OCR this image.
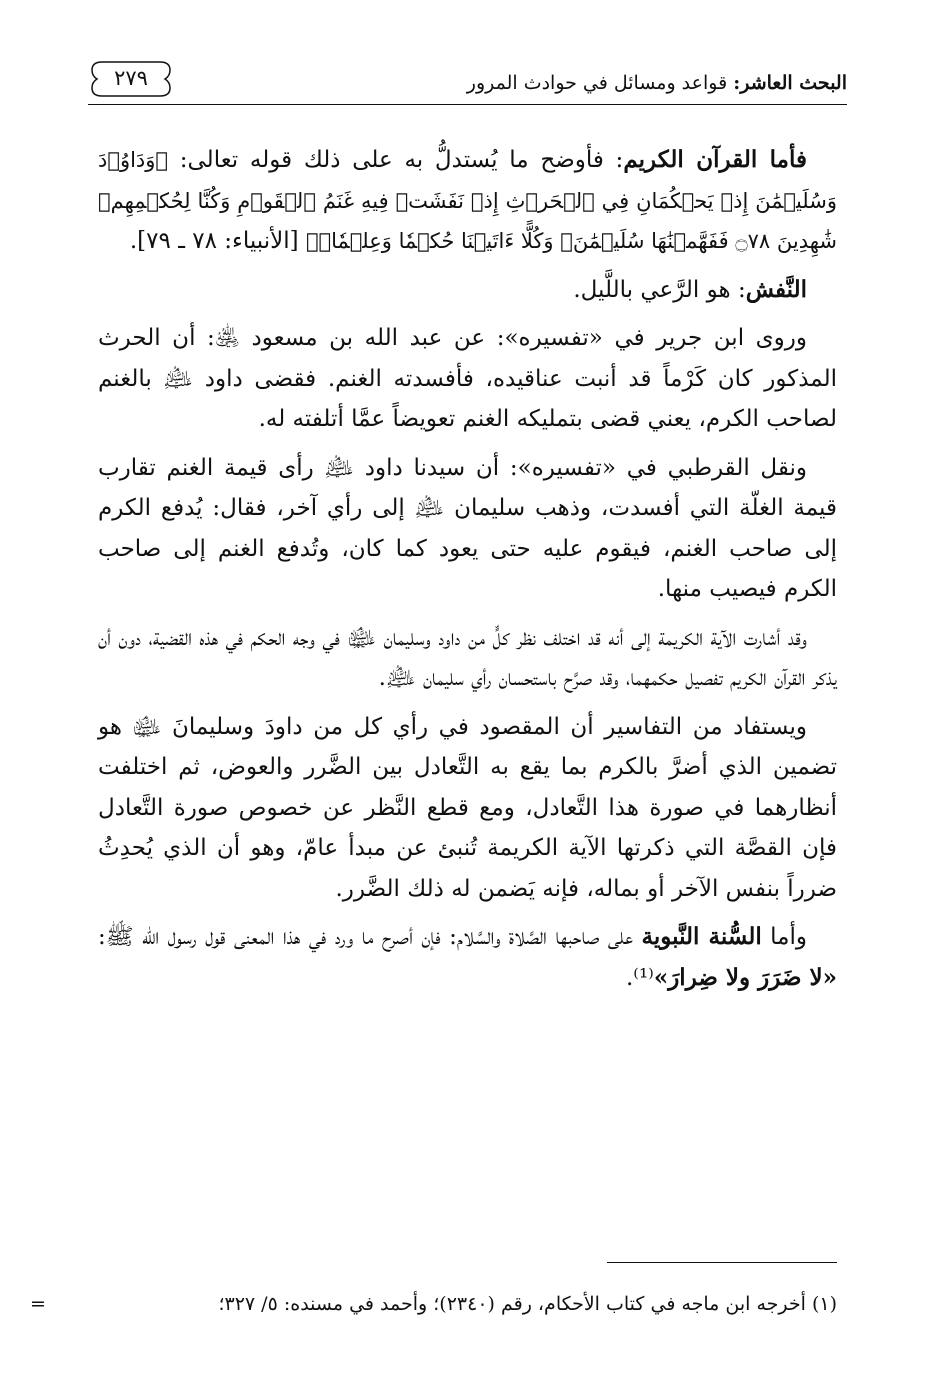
البحث العاشر: قواعد ومسائل في حوادث المرور
٢٧٩

فأما القرآن الكريم: فأوضح ما يُستدلُّ به على ذلك قوله تعالى: ﴿وَدَاوُۥدَ وَسُلَيۡمَٰنَ إِذۡ يَحۡكُمَانِ فِي ٱلۡحَرۡثِ إِذۡ نَفَشَتۡ فِيهِ غَنَمُ ٱلۡقَوۡمِ وَكُنَّا لِحُكۡمِهِمۡ شَٰهِدِينَ ۝٧٨ فَفَهَّمۡنَٰهَا سُلَيۡمَٰنَۚ وَكُلًّا ءَاتَيۡنَا حُكۡمٗا وَعِلۡمٗاۚ﴾ [الأنبياء: ٧٨ ـ ٧٩].

النَّفش: هو الرَّعي باللَّيل.

وروى ابن جرير في «تفسيره»: عن عبد الله بن مسعود ﵁: أن الحرث المذكور كان كَرْماً قد أنبت عناقيده، فأفسدته الغنم. فقضى داود ﵇ بالغنم لصاحب الكرم، يعني قضى بتمليكه الغنم تعويضاً عمَّا أتلفته له.

ونقل القرطبي في «تفسيره»: أن سيدنا داود ﵇ رأى قيمة الغنم تقارب قيمة الغلّة التي أفسدت، وذهب سليمان ﵇ إلى رأي آخر، فقال: يُدفع الكرم إلى صاحب الغنم، فيقوم عليه حتى يعود كما كان، وتُدفع الغنم إلى صاحب الكرم فيصيب منها.

وقد أشارت الآية الكريمة إلى أنه قد اختلف نظر كلٍّ من داود وسليمان ﵉ في وجه الحكم في هذه القضية، دون أن يذكر القرآن الكريم تفصيل حكمهما، وقد صرَّح باستحسان رأي سليمان ﵇.

ويستفاد من التفاسير أن المقصود في رأي كل من داودَ وسليمانَ ﵉ هو تضمين الذي أضرَّ بالكرم بما يقع به التَّعادل بين الضَّرر والعوض، ثم اختلفت أنظارهما في صورة هذا التَّعادل، ومع قطع النَّظر عن خصوص صورة التَّعادل فإن القصَّة التي ذكرتها الآية الكريمة تُنبئ عن مبدأ عامّ، وهو أن الذي يُحدِثُ ضرراً بنفس الآخر أو بماله، فإنه يَضمن له ذلك الضَّرر.

وأما السُّنة النَّبوية على صاحبها الصَّلاة والسَّلام: فإن أصرح ما ورد في هذا المعنى قول رسول الله ﷺ: «لا ضَرَرَ ولا ضِرارَ»⁽¹⁾.

(١) أخرجه ابن ماجه في كتاب الأحكام، رقم (٢٣٤٠)؛ وأحمد في مسنده: ٥/ ٣٢٧؛
=
